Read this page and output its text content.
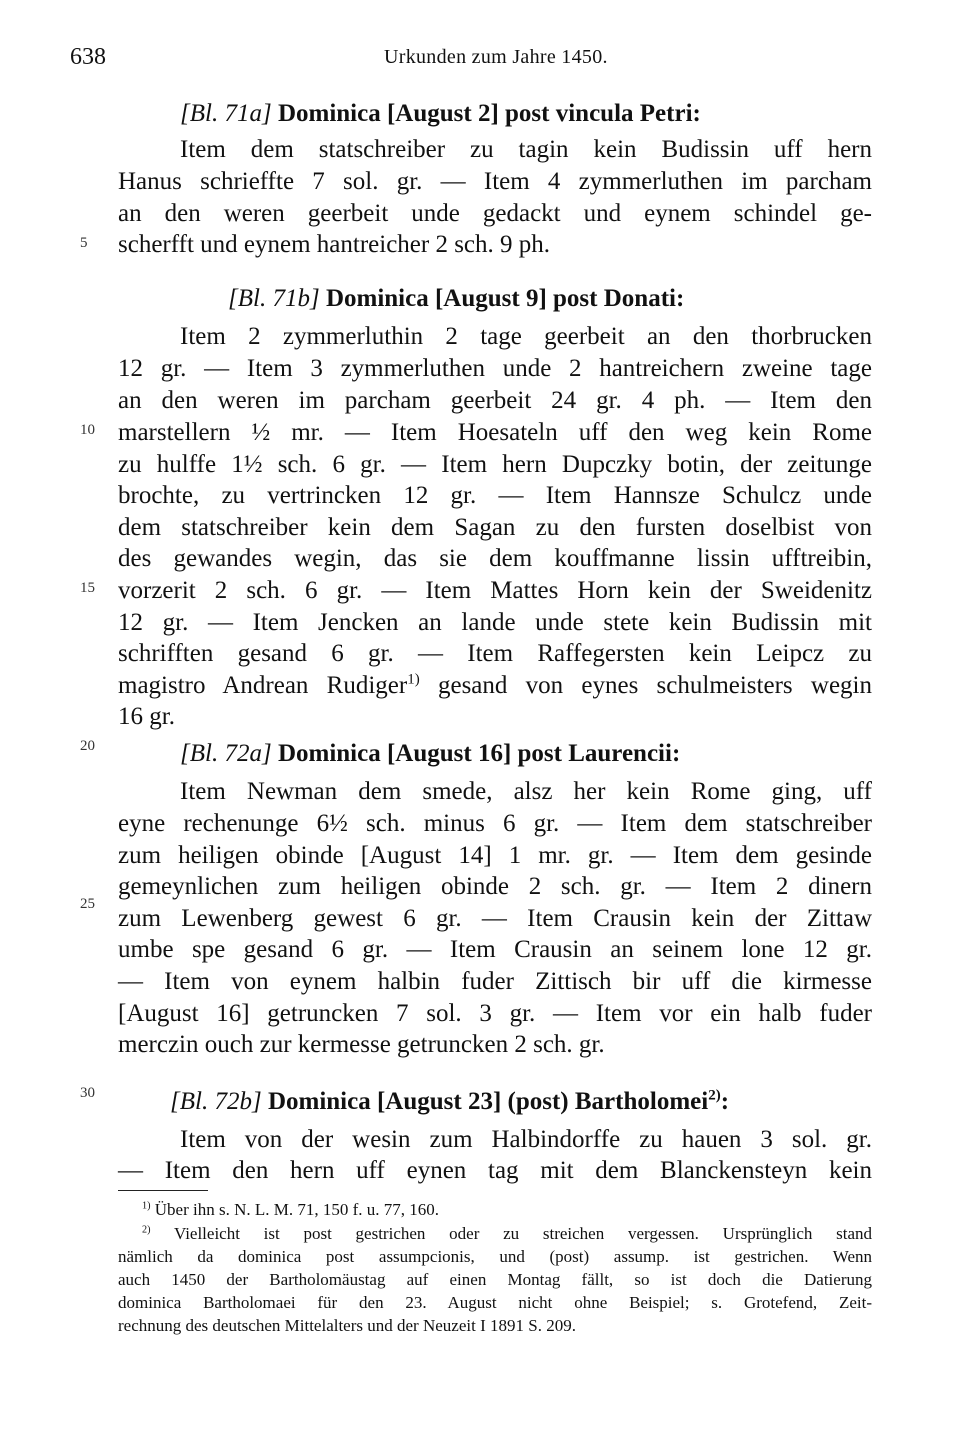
638	Urkunden zum Jahre 1450.
5
10
15
20
25
30
[Bl. 71a] Dominica [August 2] post vincula Petri:
Item dem statschreiber zu tagin kein Budissin uff hern
Hanus schrieffte 7 sol. gr. — Item 4 zymmerluthen im parcham
an den weren geerbeit unde gedackt und eynem schindel ge-
scherfft und eynem hantreicher 2 sch. 9 ph.
[Bl. 71b] Dominica [August 9] post Donati:
Item 2 zymmerluthin 2 tage geerbeit an den thorbrucken
12 gr. — Item 3 zymmerluthen unde 2 hantreichern zweine tage
an den weren im parcham geerbeit 24 gr. 4 ph. — Item den
marstellern ½ mr. — Item Hoesateln uff den weg kein Rome
zu hulffe 1½ sch. 6 gr. — Item hern Dupczky botin, der zeitunge
brochte, zu vertrincken 12 gr. — Item Hannsze Schulcz unde
dem statschreiber kein dem Sagan zu den fursten doselbist von
des gewandes wegin, das sie dem kouffmanne lissin ufftreibin,
vorzerit 2 sch. 6 gr. — Item Mattes Horn kein der Sweidenitz
12 gr. — Item Jencken an lande unde stete kein Budissin mit
schrifften gesand 6 gr. — Item Raffegersten kein Leipcz zu
magistro Andrean Rudiger$^{1)}$ gesand von eynes schulmeisters wegin
16 gr.
[Bl. 72a] Dominica [August 16] post Laurencii:
Item Newman dem smede, alsz her kein Rome ging, uff
eyne rechenunge 6½ sch. minus 6 gr. — Item dem statschreiber
zum heiligen obinde [August 14] 1 mr. gr. — Item dem gesinde
gemeynlichen zum heiligen obinde 2 sch. gr. — Item 2 dinern
zum Lewenberg gewest 6 gr. — Item Crausin kein der Zittaw
umbe spe gesand 6 gr. — Item Crausin an seinem lone 12 gr.
— Item von eynem halbin fuder Zittisch bir uff die kirmesse
[August 16] getruncken 7 sol. 3 gr. — Item vor ein halb fuder
merczin ouch zur kermesse getruncken 2 sch. gr.
[Bl. 72b] Dominica [August 23] (post) Bartholomei$^{2)}$:
Item von der wesin zum Halbindorffe zu hauen 3 sol. gr.
— Item den hern uff eynen tag mit dem Blanckensteyn kein
$^{1)}$ Über ihn s. N. L. M. 71, 150 f. u. 77, 160.
$^{2)}$ Vielleicht ist post gestrichen oder zu streichen vergessen. Ursprünglich stand
nämlich da dominica post assumpcionis, und (post) assump. ist gestrichen. Wenn
auch 1450 der Bartholomäustag auf einen Montag fällt, so ist doch die Datierung
dominica Bartholomaei für den 23. August nicht ohne Beispiel; s. Grotefend, Zeit-
rechnung des deutschen Mittelalters und der Neuzeit I 1891 S. 209.
